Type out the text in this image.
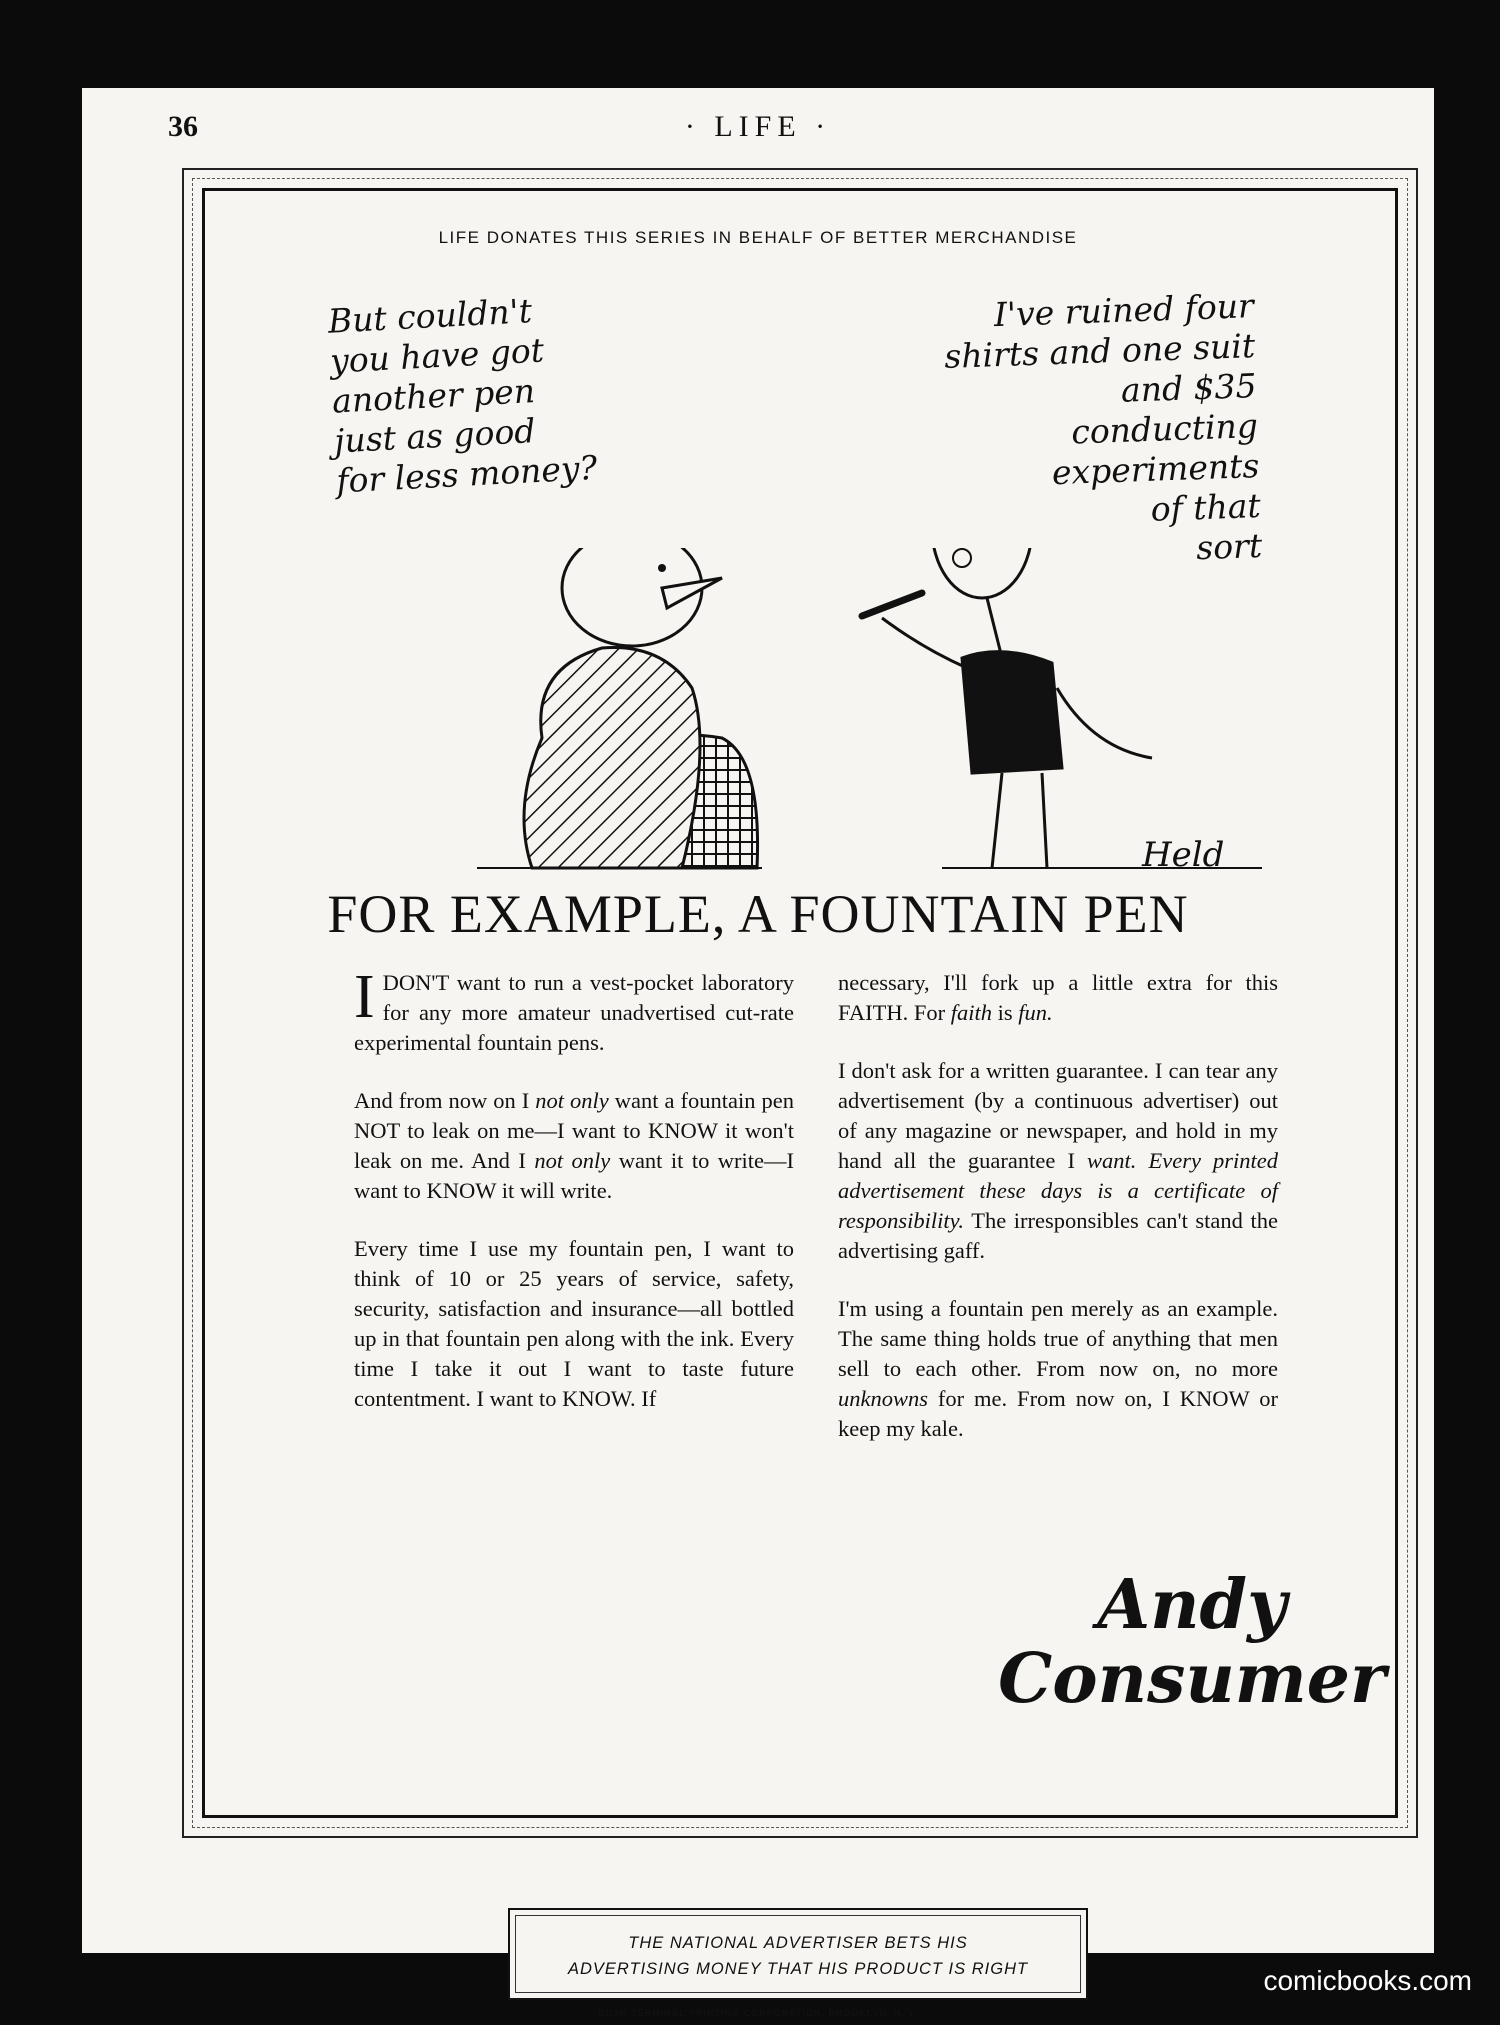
36	· LIFE ·
LIFE DONATES THIS SERIES IN BEHALF OF BETTER MERCHANDISE
But couldn't
you have got
another pen
just as good
for less money?
I've ruined four
shirts and one suit
and $35
conducting
experiments
of that
sort
Held
FOR EXAMPLE, A FOUNTAIN PEN

IDON'T want to run a vest-pocket laboratory for any more amateur unadvertised cut-rate experimental fountain pens.

And from now on I not only want a fountain pen NOT to leak on me—I want to KNOW it won't leak on me. And I not only want it to write—I want to KNOW it will write.

Every time I use my fountain pen, I want to think of 10 or 25 years of service, safety, security, satisfaction and insurance—all bottled up in that fountain pen along with the ink. Every time I take it out I want to taste future contentment. I want to KNOW. If

necessary, I'll fork up a little extra for this FAITH. For faith is fun.

I don't ask for a written guarantee. I can tear any advertisement (by a continuous advertiser) out of any magazine or newspaper, and hold in my hand all the guarantee I want. Every printed advertisement these days is a certificate of responsibility. The irresponsibles can't stand the advertising gaff.

I'm using a fountain pen merely as an example. The same thing holds true of anything that men sell to each other. From now on, no more unknowns for me. From now on, I KNOW or keep my kale.

Andy
Consumer
THE NATIONAL ADVERTISER BETS HIS
ADVERTISING MONEY THAT HIS PRODUCT IS RIGHT
BUSH TERMINAL PRINTING CORPORATION, BROOKLYN, N. Y.
comicbooks.com
